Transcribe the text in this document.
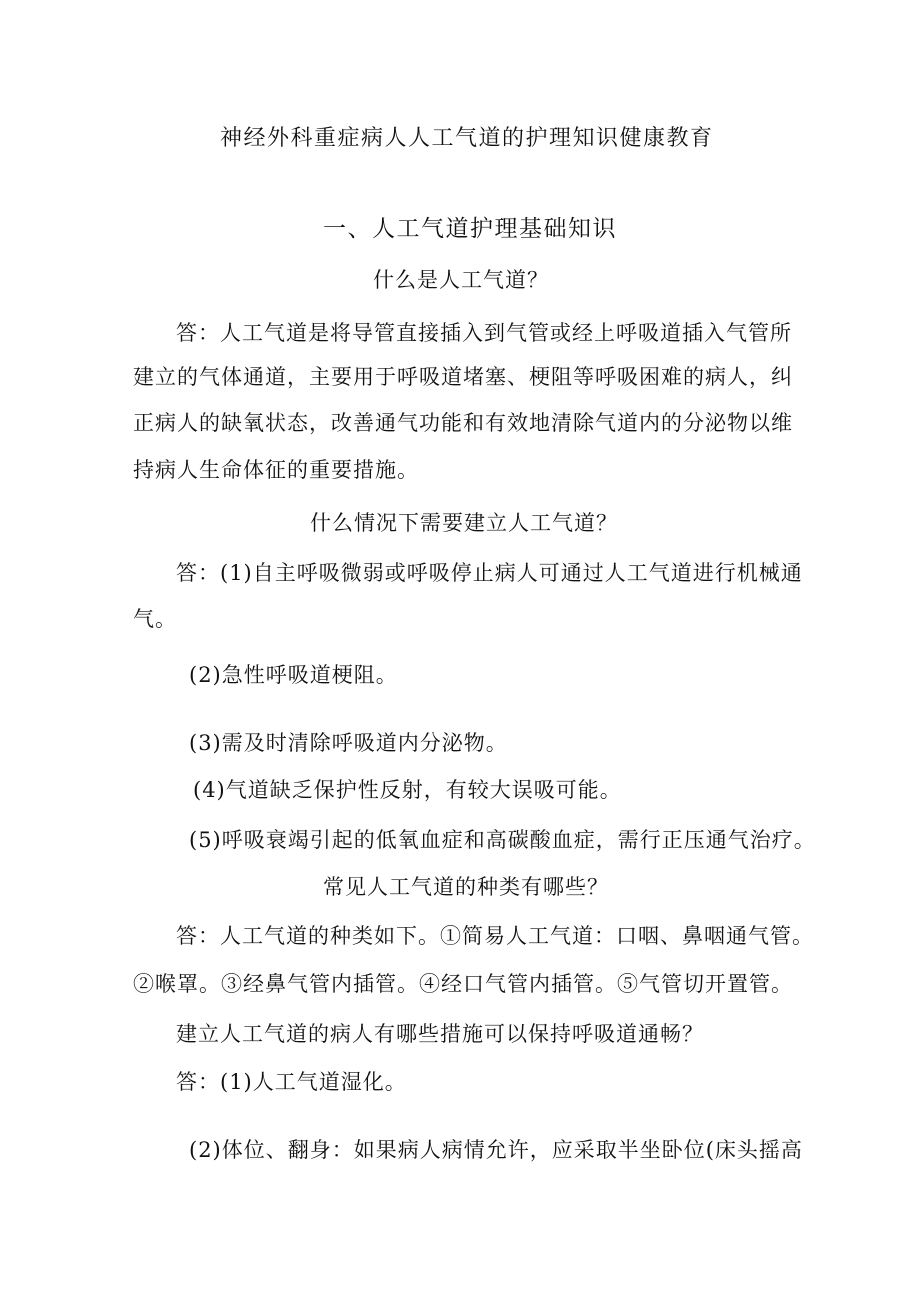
神经外科重症病人人工气道的护理知识健康教育
一、人工气道护理基础知识
什么是人工气道？
答：人工气道是将导管直接插入到气管或经上呼吸道插入气管所
建立的气体通道，主要用于呼吸道堵塞、梗阻等呼吸困难的病人，纠
正病人的缺氧状态，改善通气功能和有效地清除气道内的分泌物以维
持病人生命体征的重要措施。
什么情况下需要建立人工气道？
答：(1)自主呼吸微弱或呼吸停止病人可通过人工气道进行机械通
气。
(2)急性呼吸道梗阻。
(3)需及时清除呼吸道内分泌物。
(4)气道缺乏保护性反射，有较大误吸可能。
(5)呼吸衰竭引起的低氧血症和高碳酸血症，需行正压通气治疗。
常见人工气道的种类有哪些？
答：人工气道的种类如下。①简易人工气道：口咽、鼻咽通气管。
②喉罩。③经鼻气管内插管。④经口气管内插管。⑤气管切开置管。
建立人工气道的病人有哪些措施可以保持呼吸道通畅？
答：(1)人工气道湿化。
(2)体位、翻身：如果病人病情允许，应采取半坐卧位(床头摇高
